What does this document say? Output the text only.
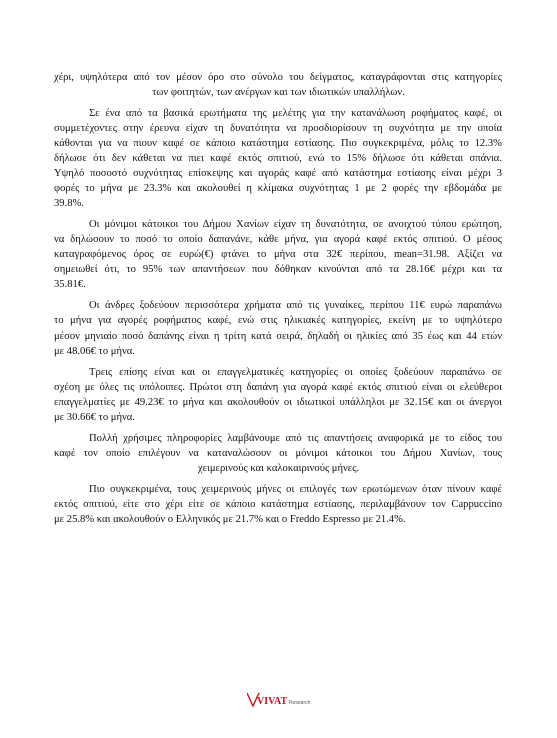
χέρι, υψηλότερα από τον μέσον όρο στο σύνολο του δείγματος, καταγράφονται στις κατηγορίες
των φοιτητών, των ανέργων και των ιδιωτικών υπαλλήλων.
Σε ένα από τα βασικά ερωτήματα της μελέτης για την κατανάλωση ροφήματος καφέ, οι
συμμετέχοντες στην έρευνα είχαν τη δυνατότητα να προσδιορίσουν τη συχνότητα με την οποία
κάθονται για να πιουν καφέ σε κάποιο κατάστημα εστίασης. Πιο συγκεκριμένα, μόλις το 12.3%
δήλωσε ότι δεν κάθεται να πιει καφέ εκτός σπιτιού, ενώ το 15% δήλωσε ότι κάθεται σπάνια.
Υψηλό ποσοστό συχνότητας επίσκεψης και αγοράς καφέ από κατάστημα εστίασης είναι μέχρι 3
φορές το μήνα με 23.3% και ακολουθεί η κλίμακα συχνότητας 1 με 2 φορές την εβδομάδα με
39.8%.
Οι μόνιμοι κάτοικοι του Δήμου Χανίων είχαν τη δυνατότητα, σε ανοιχτού τύπου ερώτηση,
να δηλώσουν το ποσό το οποίο δαπανάνε, κάθε μήνα, για αγορά καφέ εκτός σπιτιού. Ο μέσος
καταγραφόμενος όρος σε ευρώ(€) φτάνει το μήνα στα 32€ περίπου, mean=31.98. Αξίζει να
σημειωθεί ότι, το 95% των απαντήσεων που δόθηκαν κινούνται από τα 28.16€ μέχρι και τα
35.81€.
Οι άνδρες ξοδεύουν περισσότερα χρήματα από τις γυναίκες, περίπου 11€ ευρώ παραπάνω
το μήνα για αγορές ροφήματος καφέ, ενώ στις ηλικιακές κατηγορίες, εκείνη με το υψηλότερο
μέσον μηνιαίο ποσό δαπάνης είναι η τρίτη κατά σειρά, δηλαδή οι ηλικίες από 35 έως και 44 ετών
με 48.06€ το μήνα.
Τρεις επίσης είναι και οι επαγγελματικές κατηγορίες οι οποίες ξοδεύουν παραπάνω σε
σχέση με όλες τις υπόλοιπες. Πρώτοι στη δαπάνη για αγορά καφέ εκτός σπιτιού είναι οι ελεύθεροι
επαγγελματίες με 49.23€ το μήνα και ακολουθούν οι ιδιωτικοί υπάλληλοι με 32.15€ και οι άνεργοι
με 30.66€ το μήνα.
Πολλή χρήσιμες πληροφορίες λαμβάνουμε από τις απαντήσεις αναφορικά με το είδος του
καφέ τον οποίο επιλέγουν να καταναλώσουν οι μόνιμοι κάτοικοι του Δήμου Χανίων, τους
χειμερινούς και καλοκαιρινούς μήνες.
Πιο συγκεκριμένα, τους χειμερινούς μήνες οι επιλογές των ερωτώμενων όταν πίνουν καφέ
εκτός σπιτιού, είτε στο χέρι είτε σε κάποιο κατάστημα εστίασης, περιλαμβάνουν τον Cappuccino
με 25.8% και ακολουθούν ο Ελληνικός με 21.7% και ο Freddo Espresso με 21.4%.
VIVAT Research
